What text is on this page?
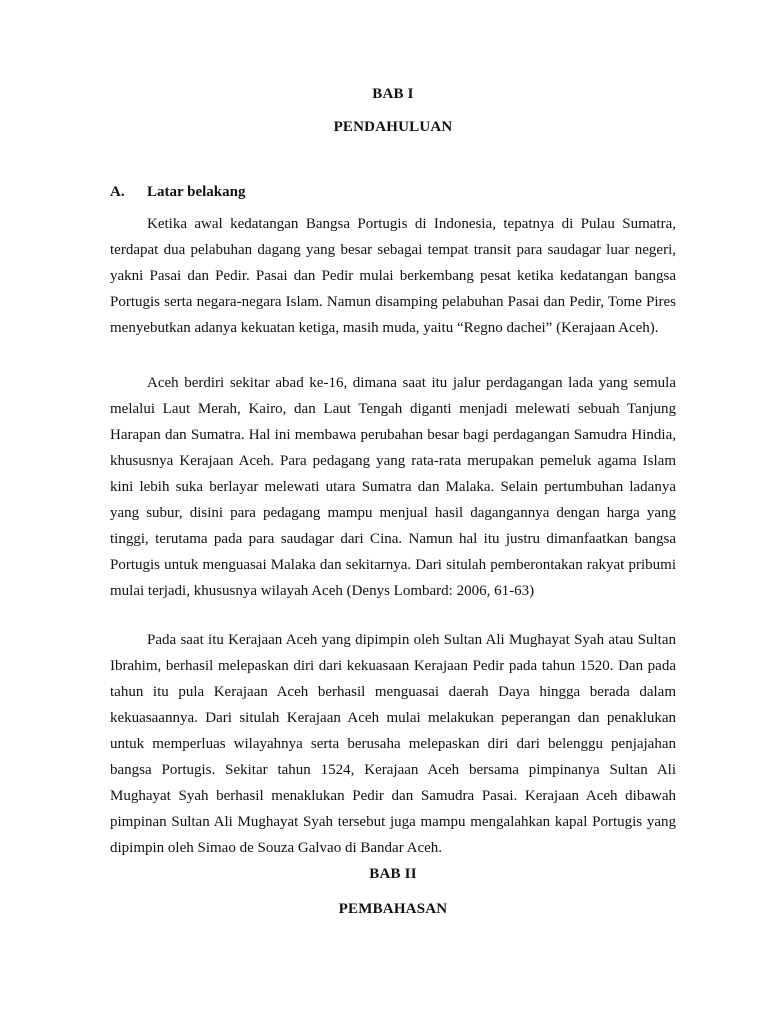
BAB I
PENDAHULUAN
A. Latar belakang

Ketika awal kedatangan Bangsa Portugis di Indonesia, tepatnya di Pulau Sumatra, terdapat dua pelabuhan dagang yang besar sebagai tempat transit para saudagar luar negeri, yakni Pasai dan Pedir. Pasai dan Pedir mulai berkembang pesat ketika kedatangan bangsa Portugis serta negara-negara Islam. Namun disamping pelabuhan Pasai dan Pedir, Tome Pires menyebutkan adanya kekuatan ketiga, masih muda, yaitu “Regno dachei” (Kerajaan Aceh).

Aceh berdiri sekitar abad ke-16, dimana saat itu jalur perdagangan lada yang semula melalui Laut Merah, Kairo, dan Laut Tengah diganti menjadi melewati sebuah Tanjung Harapan dan Sumatra. Hal ini membawa perubahan besar bagi perdagangan Samudra Hindia, khususnya Kerajaan Aceh. Para pedagang yang rata-rata merupakan pemeluk agama Islam kini lebih suka berlayar melewati utara Sumatra dan Malaka. Selain pertumbuhan ladanya yang subur, disini para pedagang mampu menjual hasil dagangannya dengan harga yang tinggi, terutama pada para saudagar dari Cina. Namun hal itu justru dimanfaatkan bangsa Portugis untuk menguasai Malaka dan sekitarnya. Dari situlah pemberontakan rakyat pribumi mulai terjadi, khususnya wilayah Aceh (Denys Lombard: 2006, 61-63)

Pada saat itu Kerajaan Aceh yang dipimpin oleh Sultan Ali Mughayat Syah atau Sultan Ibrahim, berhasil melepaskan diri dari kekuasaan Kerajaan Pedir pada tahun 1520. Dan pada tahun itu pula Kerajaan Aceh berhasil menguasai daerah Daya hingga berada dalam kekuasaannya. Dari situlah Kerajaan Aceh mulai melakukan peperangan dan penaklukan untuk memperluas wilayahnya serta berusaha melepaskan diri dari belenggu penjajahan bangsa Portugis. Sekitar tahun 1524, Kerajaan Aceh bersama pimpinanya Sultan Ali Mughayat Syah berhasil menaklukan Pedir dan Samudra Pasai. Kerajaan Aceh dibawah pimpinan Sultan Ali Mughayat Syah tersebut juga mampu mengalahkan kapal Portugis yang dipimpin oleh Simao de Souza Galvao di Bandar Aceh.

BAB II
PEMBAHASAN
